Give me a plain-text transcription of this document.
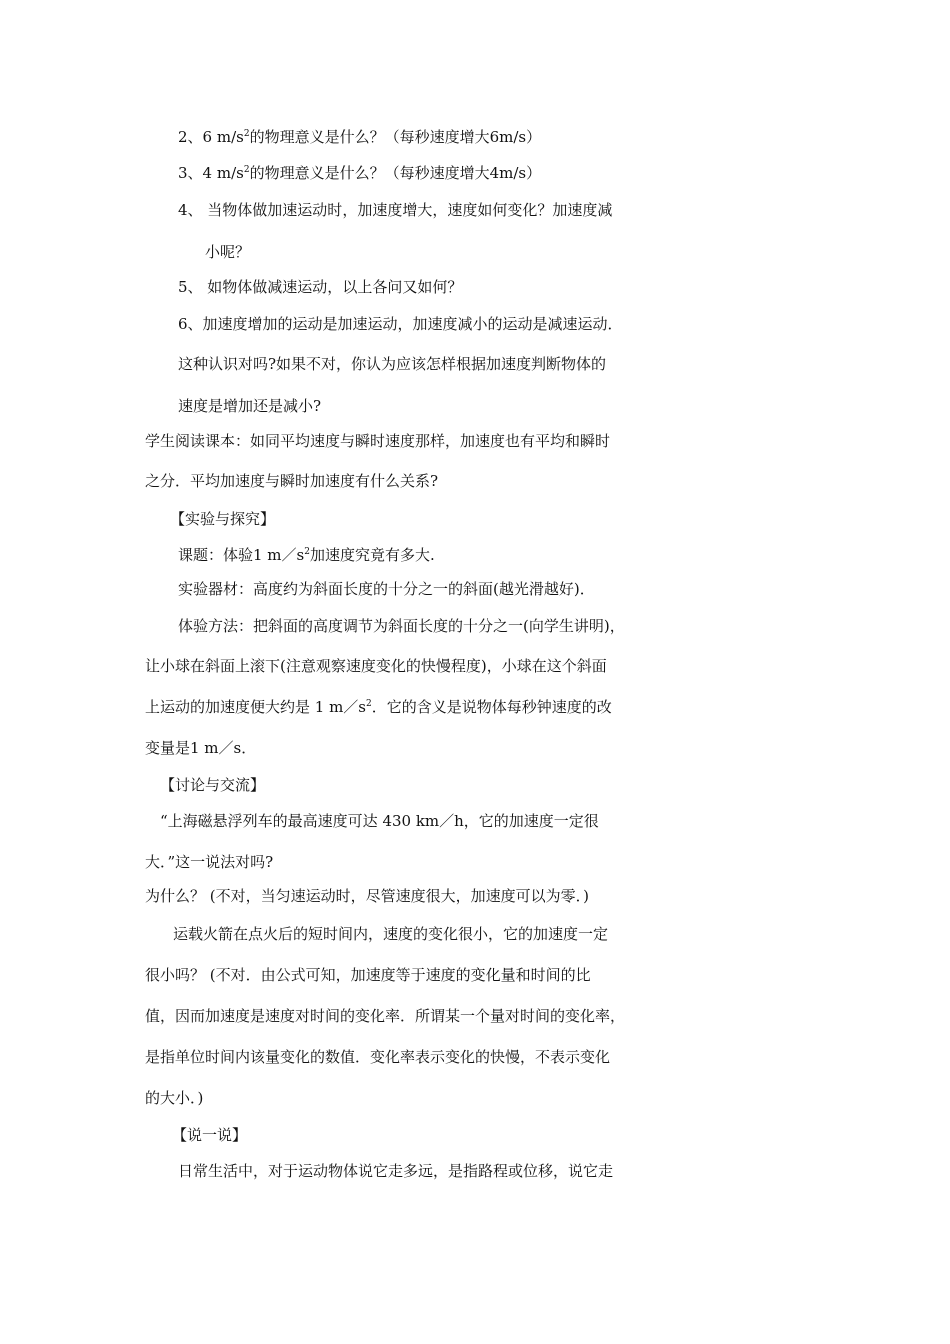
2、6 $m/s^2$的物理意义是什么？（每秒速度增大6m/s）
3、4 $m/s^2$的物理意义是什么？（每秒速度增大4m/s）
4、 当物体做加速运动时，加速度增大，速度如何变化？加速度减
小呢？
5、 如物体做减速运动，以上各问又如何？
6、加速度增加的运动是加速运动，加速度减小的运动是减速运动．
这种认识对吗?如果不对，你认为应该怎样根据加速度判断物体的
速度是增加还是减小?
学生阅读课本：如同平均速度与瞬时速度那样，加速度也有平均和瞬时
之分．平均加速度与瞬时加速度有什么关系?
【实验与探究】
课题：体验1 $m/s^2$加速度究竟有多大.
实验器材：高度约为斜面长度的十分之一的斜面(越光滑越好)．
体验方法：把斜面的高度调节为斜面长度的十分之一(向学生讲明)，
让小球在斜面上滚下(注意观察速度变化的快慢程度)，小球在这个斜面
上运动的加速度便大约是 1 $m/s^2$．它的含义是说物体每秒钟速度的改
变量是1 m／s．
【讨论与交流】
“上海磁悬浮列车的最高速度可达 430 km／h，它的加速度一定很
大．”这一说法对吗?
为什么？ (不对，当匀速运动时，尽管速度很大，加速度可以为零．)
运载火箭在点火后的短时间内，速度的变化很小，它的加速度一定
很小吗？ (不对．由公式可知，加速度等于速度的变化量和时间的比
值，因而加速度是速度对时间的变化率．所谓某一个量对时间的变化率，
是指单位时间内该量变化的数值．变化率表示变化的快慢，不表示变化
的大小．)
【说一说】
日常生活中，对于运动物体说它走多远，是指路程或位移，说它走
